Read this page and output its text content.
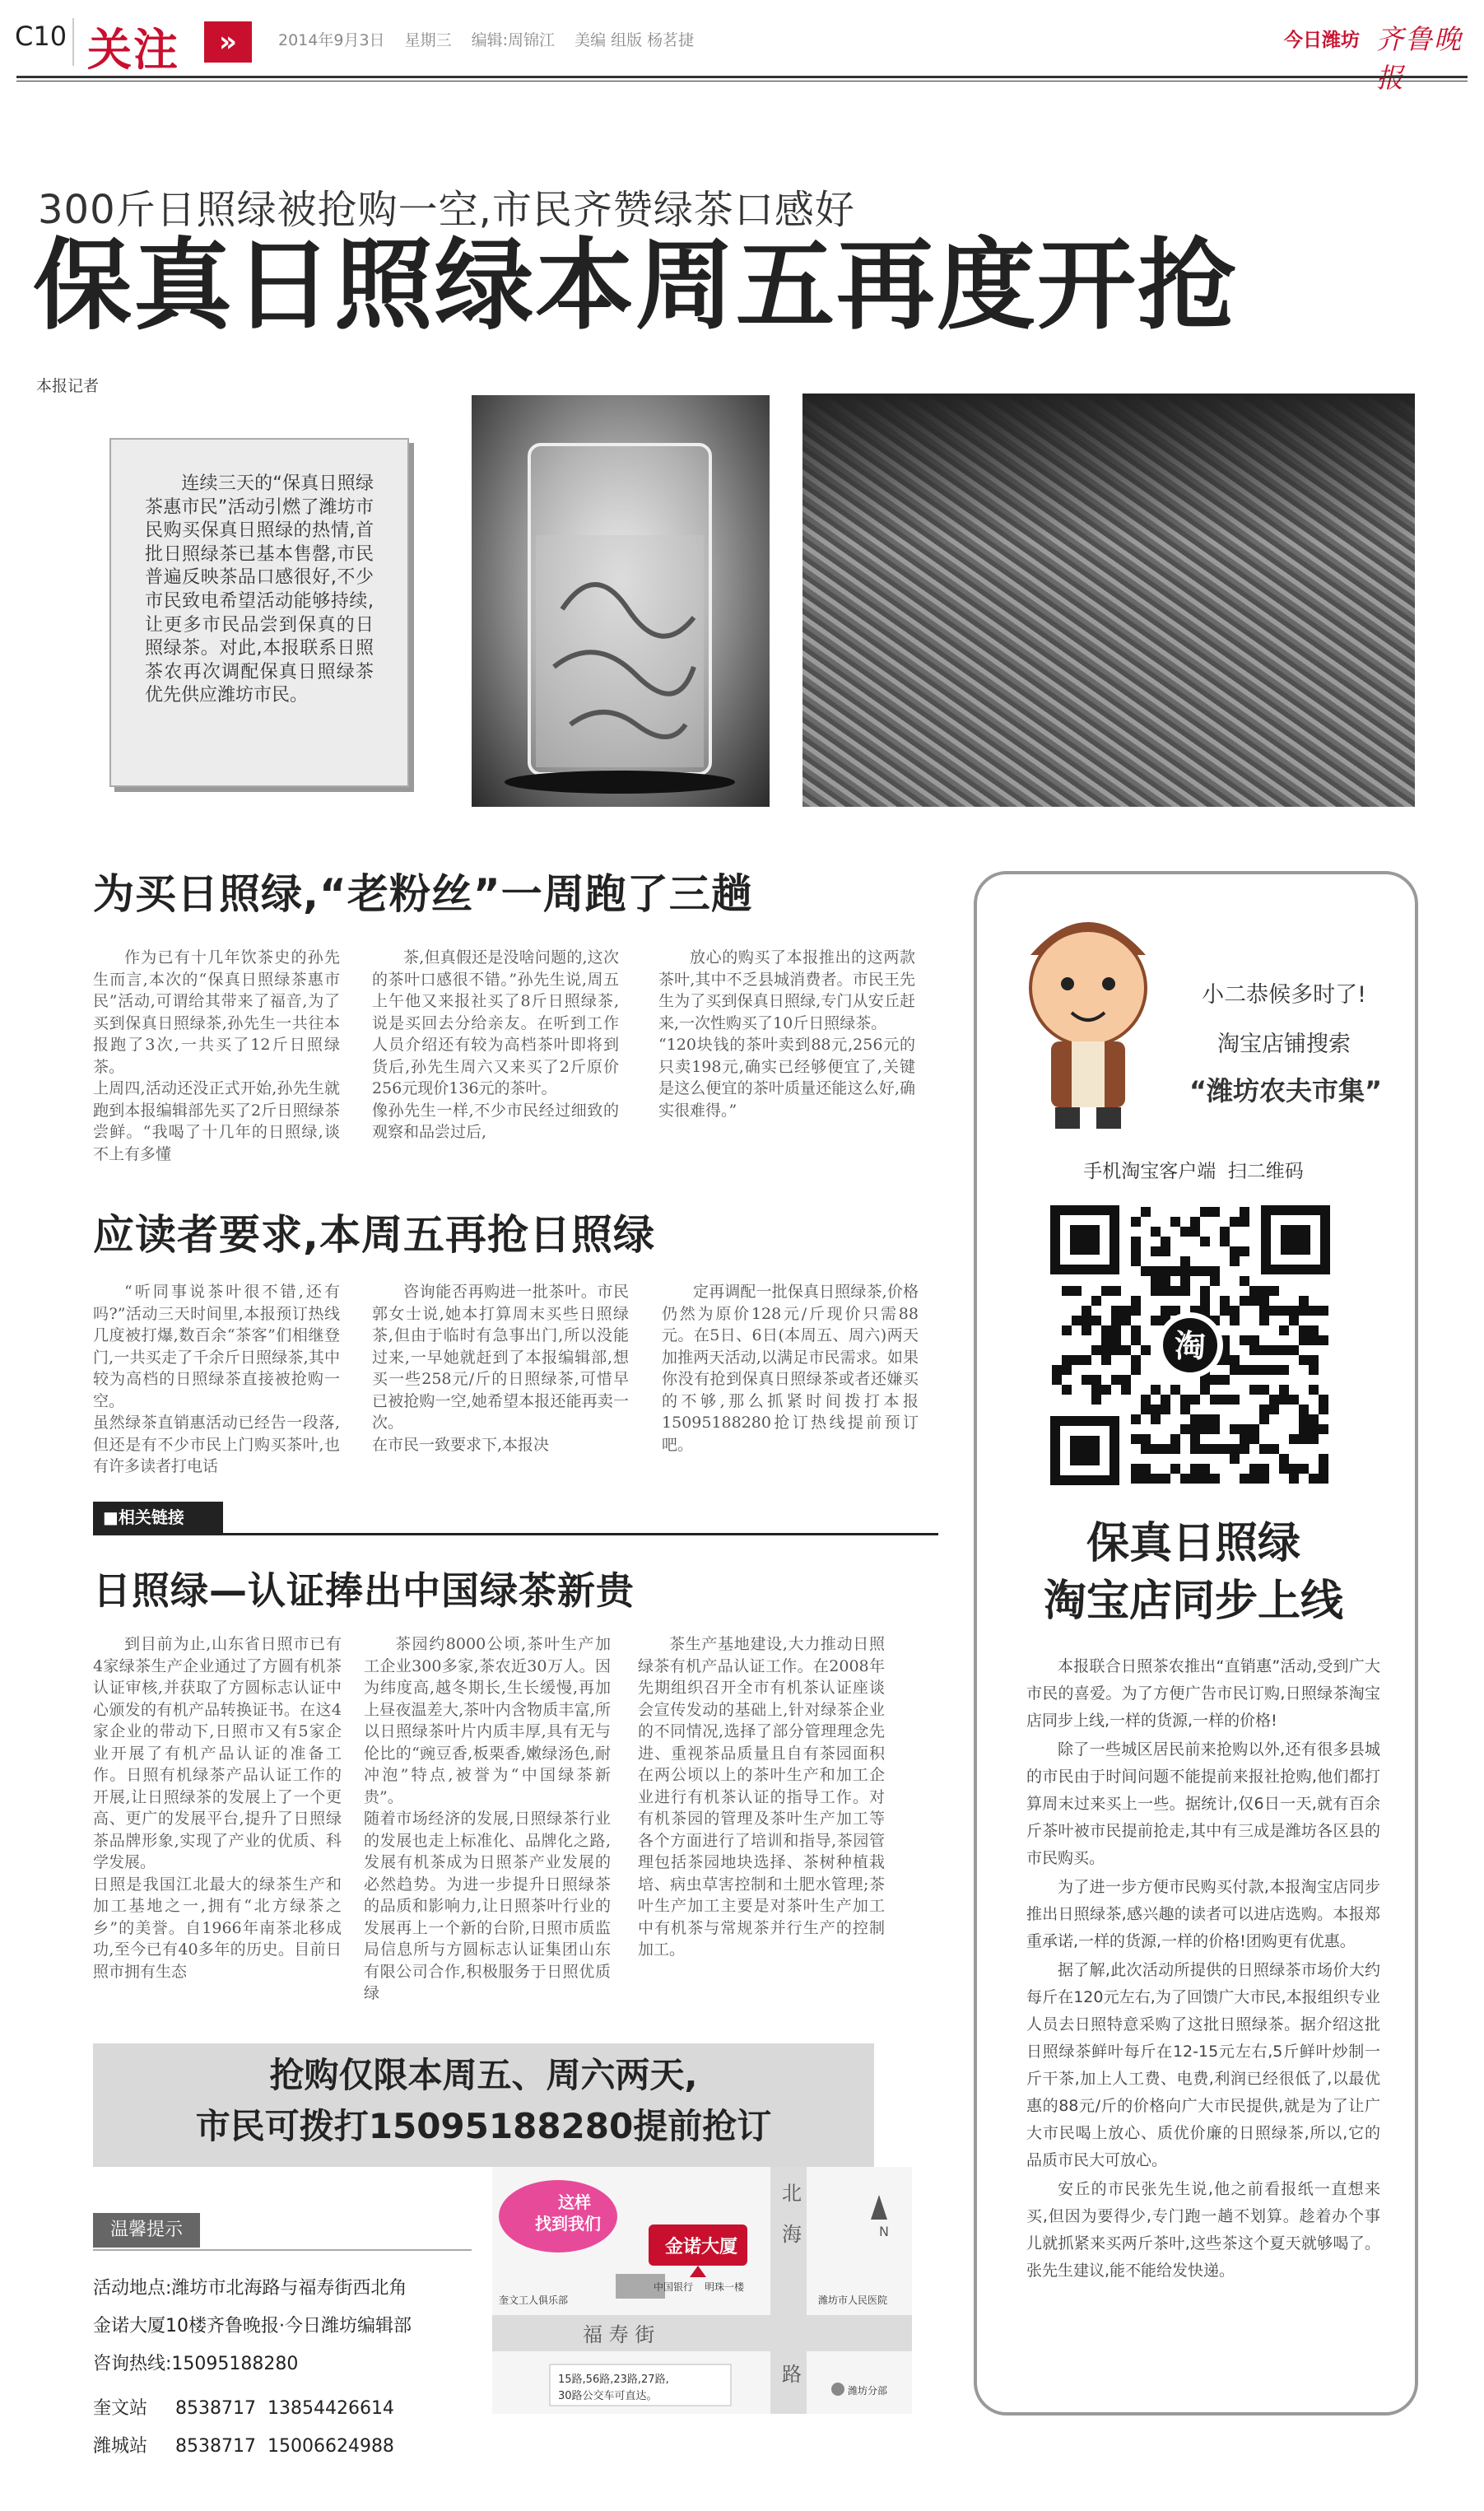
C10 关注	»	2014年9月3日 星期三 编辑:周锦江 美编 组版 杨茗捷	今日潍坊 齐鲁晚报
300斤日照绿被抢购一空,市民齐赞绿茶口感好
保真日照绿本周五再度开抢
本报记者
连续三天的“保真日照绿茶惠市民”活动引燃了潍坊市民购买保真日照绿的热情,首批日照绿茶已基本售罄,市民普遍反映茶品口感很好,不少市民致电希望活动能够持续,让更多市民品尝到保真的日照绿茶。对此,本报联系日照茶农再次调配保真日照绿茶优先供应潍坊市民。
为买日照绿,“老粉丝”一周跑了三趟

作为已有十几年饮茶史的孙先生而言,本次的“保真日照绿茶惠市民”活动,可谓给其带来了福音,为了买到保真日照绿茶,孙先生一共往本报跑了3次,一共买了12斤日照绿茶。
上周四,活动还没正式开始,孙先生就跑到本报编辑部先买了2斤日照绿茶尝鲜。“我喝了十几年的日照绿,谈不上有多懂

茶,但真假还是没啥问题的,这次的茶叶口感很不错。”孙先生说,周五上午他又来报社买了8斤日照绿茶,说是买回去分给亲友。在听到工作人员介绍还有较为高档茶叶即将到货后,孙先生周六又来买了2斤原价256元现价136元的茶叶。
像孙先生一样,不少市民经过细致的观察和品尝过后,

放心的购买了本报推出的这两款茶叶,其中不乏县城消费者。市民王先生为了买到保真日照绿,专门从安丘赶来,一次性购买了10斤日照绿茶。
“120块钱的茶叶卖到88元,256元的只卖198元,确实已经够便宜了,关键是这么便宜的茶叶质量还能这么好,确实很难得。”

应读者要求,本周五再抢日照绿

“听同事说茶叶很不错,还有吗?”活动三天时间里,本报预订热线几度被打爆,数百余“茶客”们相继登门,一共买走了千余斤日照绿茶,其中较为高档的日照绿茶直接被抢购一空。
虽然绿茶直销惠活动已经告一段落,但还是有不少市民上门购买茶叶,也有许多读者打电话

咨询能否再购进一批茶叶。市民郭女士说,她本打算周末买些日照绿茶,但由于临时有急事出门,所以没能过来,一早她就赶到了本报编辑部,想买一些258元/斤的日照绿茶,可惜早已被抢购一空,她希望本报还能再卖一次。
在市民一致要求下,本报决

定再调配一批保真日照绿茶,价格仍然为原价128元/斤现价只需88元。在5日、6日(本周五、周六)两天加推两天活动,以满足市民需求。如果你没有抢到保真日照绿茶或者还嫌买的不够,那么抓紧时间拨打本报15095188280抢订热线提前预订吧。

■相关链接
日照绿—认证捧出中国绿茶新贵

到目前为止,山东省日照市已有4家绿茶生产企业通过了方圆有机茶认证审核,并获取了方圆标志认证中心颁发的有机产品转换证书。在这4家企业的带动下,日照市又有5家企业开展了有机产品认证的准备工作。日照有机绿茶产品认证工作的开展,让日照绿茶的发展上了一个更高、更广的发展平台,提升了日照绿茶品牌形象,实现了产业的优质、科学发展。
日照是我国江北最大的绿茶生产和加工基地之一,拥有“北方绿茶之乡”的美誉。自1966年南茶北移成功,至今已有40多年的历史。目前日照市拥有生态

茶园约8000公顷,茶叶生产加工企业300多家,茶农近30万人。因为纬度高,越冬期长,生长缓慢,再加上昼夜温差大,茶叶内含物质丰富,所以日照绿茶叶片内质丰厚,具有无与伦比的“豌豆香,板栗香,嫩绿汤色,耐冲泡”特点,被誉为“中国绿茶新贵”。
随着市场经济的发展,日照绿茶行业的发展也走上标准化、品牌化之路,发展有机茶成为日照茶产业发展的必然趋势。为进一步提升日照绿茶的品质和影响力,让日照茶叶行业的发展再上一个新的台阶,日照市质监局信息所与方圆标志认证集团山东有限公司合作,积极服务于日照优质绿

茶生产基地建设,大力推动日照绿茶有机产品认证工作。在2008年先期组织召开全市有机茶认证座谈会宣传发动的基础上,针对绿茶企业的不同情况,选择了部分管理理念先进、重视茶品质量且自有茶园面积在两公顷以上的茶叶生产和加工企业进行有机茶认证的指导工作。对有机茶园的管理及茶叶生产加工等各个方面进行了培训和指导,茶园管理包括茶园地块选择、茶树种植栽培、病虫草害控制和土肥水管理;茶叶生产加工主要是对茶叶生产加工中有机茶与常规茶并行生产的控制加工。

抢购仅限本周五、周六两天,
市民可拨打15095188280提前抢订
温馨提示
活动地点:潍坊市北海路与福寿街西北角
金诺大厦10楼齐鲁晚报·今日潍坊编辑部
咨询热线:15095188280
奎文站 8538717  13854426614
潍城站 8538717  15006624988
这样
找到我们
金诺大厦
北海路
福 寿 街
N
奎文工人俱乐部
中国银行 明珠一楼
潍坊市人民医院
潍坊分部
15路,56路,23路,27路,
30路公交车可直达。
小二恭候多时了!
淘宝店铺搜索
“潍坊农夫市集”
手机淘宝客户端  扫二维码
淘
保真日照绿
淘宝店同步上线

本报联合日照茶农推出“直销惠”活动,受到广大市民的喜爱。为了方便广告市民订购,日照绿茶淘宝店同步上线,一样的货源,一样的价格!

除了一些城区居民前来抢购以外,还有很多县城的市民由于时间问题不能提前来报社抢购,他们都打算周末过来买上一些。据统计,仅6日一天,就有百余斤茶叶被市民提前抢走,其中有三成是潍坊各区县的市民购买。

为了进一步方便市民购买付款,本报淘宝店同步推出日照绿茶,感兴趣的读者可以进店选购。本报郑重承诺,一样的货源,一样的价格!团购更有优惠。

据了解,此次活动所提供的日照绿茶市场价大约每斤在120元左右,为了回馈广大市民,本报组织专业人员去日照特意采购了这批日照绿茶。据介绍这批日照绿茶鲜叶每斤在12-15元左右,5斤鲜叶炒制一斤干茶,加上人工费、电费,利润已经很低了,以最优惠的88元/斤的价格向广大市民提供,就是为了让广大市民喝上放心、质优价廉的日照绿茶,所以,它的品质市民大可放心。

安丘的市民张先生说,他之前看报纸一直想来买,但因为要得少,专门跑一趟不划算。趁着办个事儿就抓紧来买两斤茶叶,这些茶这个夏天就够喝了。张先生建议,能不能给发快递。
